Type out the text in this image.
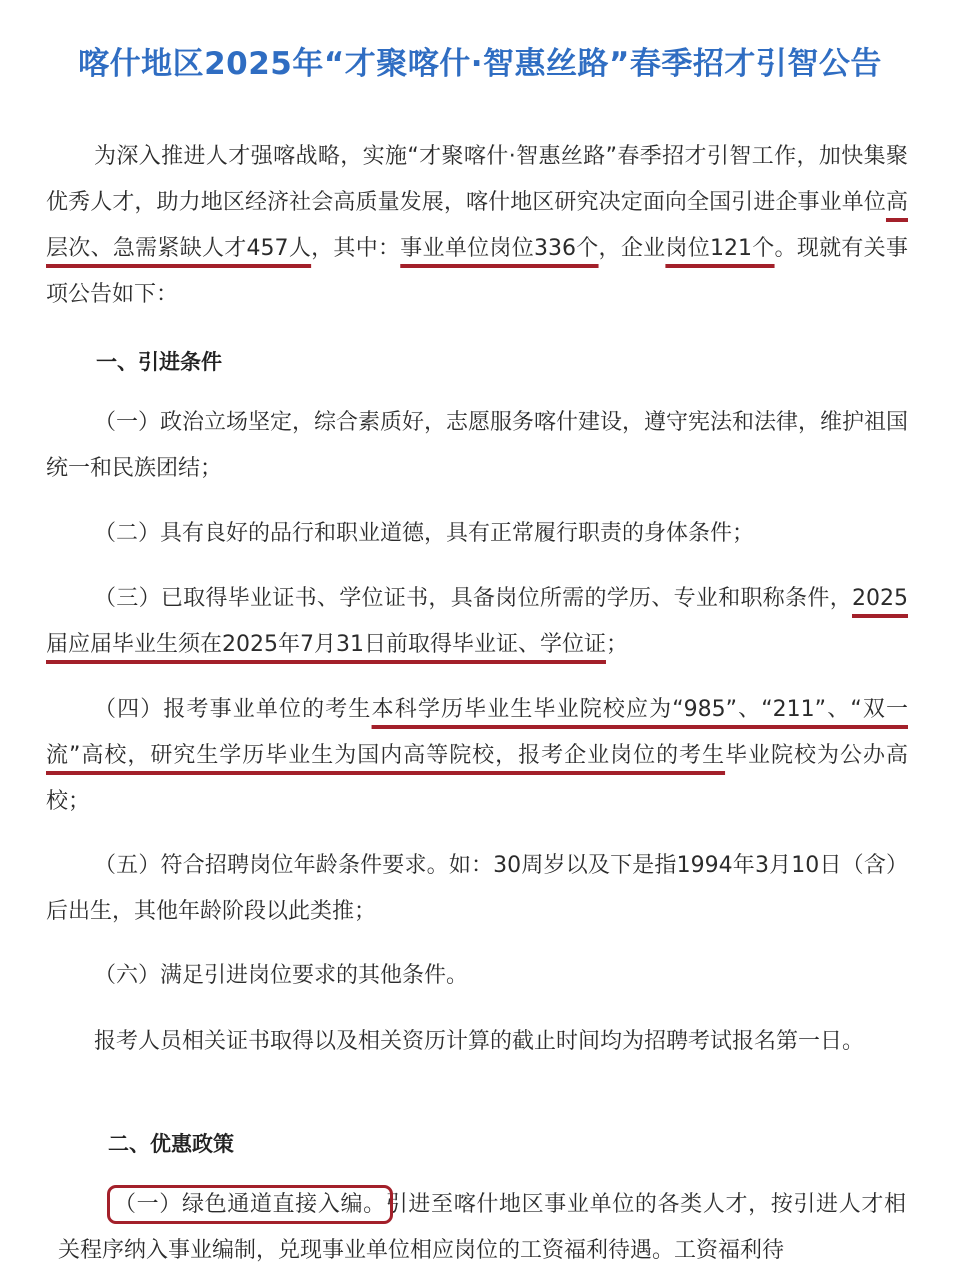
喀什地区2025年“才聚喀什·智惠丝路”春季招才引智公告
为深入推进人才强喀战略，实施“才聚喀什·智惠丝路”春季招才引智工作，加快集聚优秀人才，助力地区经济社会高质量发展，喀什地区研究决定面向全国引进企事业单位高层次、急需紧缺人才457人，其中：事业单位岗位336个，企业岗位121个。现就有关事项公告如下：
一、引进条件
（一）政治立场坚定，综合素质好，志愿服务喀什建设，遵守宪法和法律，维护祖国统一和民族团结；
（二）具有良好的品行和职业道德，具有正常履行职责的身体条件；
（三）已取得毕业证书、学位证书，具备岗位所需的学历、专业和职称条件，2025届应届毕业生须在2025年7月31日前取得毕业证、学位证；
（四）报考事业单位的考生本科学历毕业生毕业院校应为“985”、“211”、“双一流”高校，研究生学历毕业生为国内高等院校，报考企业岗位的考生毕业院校为公办高校；
（五）符合招聘岗位年龄条件要求。如：30周岁以及下是指1994年3月10日（含）后出生，其他年龄阶段以此类推；
（六）满足引进岗位要求的其他条件。
报考人员相关证书取得以及相关资历计算的截止时间均为招聘考试报名第一日。
二、优惠政策
（一）绿色通道直接入编。引进至喀什地区事业单位的各类人才，按引进人才相关程序纳入事业编制，兑现事业单位相应岗位的工资福利待遇。工资福利待
